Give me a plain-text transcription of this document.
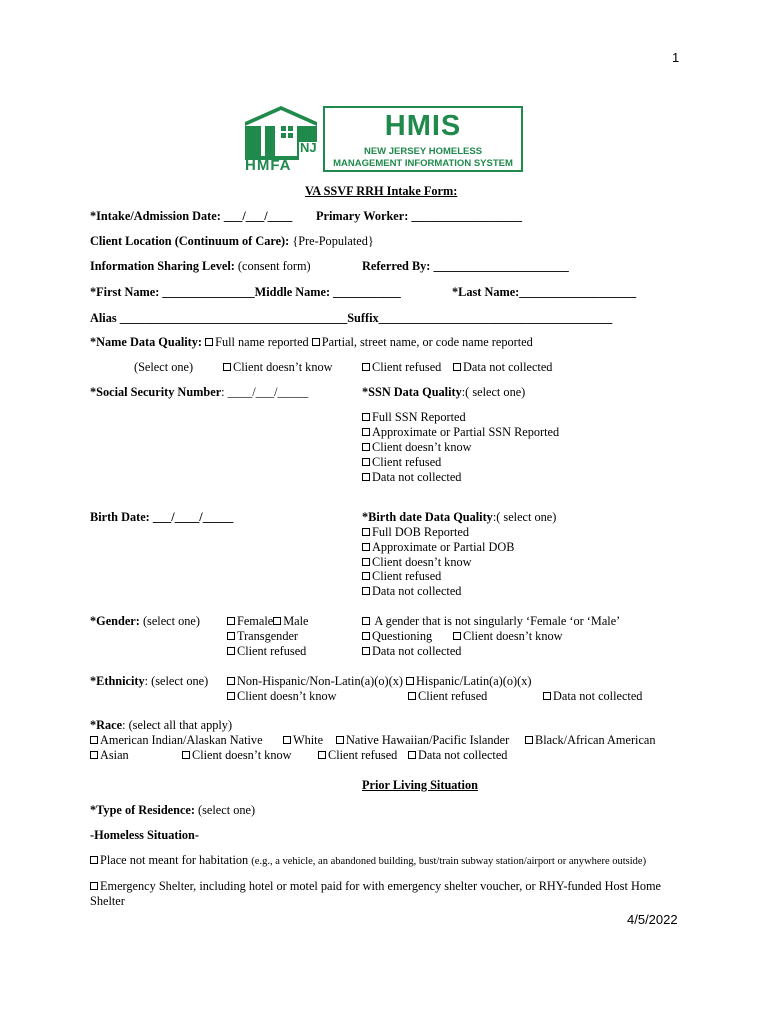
1
NJ
HMFA
HMIS
NEW JERSEY HOMELESS
MANAGEMENT INFORMATION SYSTEM
VA SSVF RRH Intake Form:
*Intake/Admission Date: ___/___/____ Primary Worker: __________________
Client Location (Continuum of Care): {Pre-Populated}
Information Sharing Level: (consent form)	Referred By: ______________________
*First Name: _______________Middle Name: ___________	*Last Name:___________________
Alias _____________________________________Suffix______________________________________
*Name Data Quality: Full name reported Partial, street name, or code name reported
(Select one)	Client doesn’t know	Client refused	Data not collected
*Social Security Number: ____/___/_____	*SSN Data Quality:( select one)
Full SSN Reported
Approximate or Partial SSN Reported
Client doesn’t know
Client refused
Data not collected
Birth Date: ___/____/_____	*Birth date Data Quality:( select one)
Full DOB Reported
Approximate or Partial DOB
Client doesn’t know
Client refused
Data not collected
*Gender: (select one)	Female Male
Transgender
Client refused
A gender that is not singularly ‘Female ‘or ‘Male’
Questioning	Client doesn’t know
Data not collected
*Ethnicity: (select one)	Non-Hispanic/Non-Latin(a)(o)(x) Hispanic/Latin(a)(o)(x)
Client doesn’t know	Client refused	Data not collected
*Race: (select all that apply)
American Indian/Alaskan Native	White	Native Hawaiian/Pacific Islander	Black/African American
Asian	Client doesn’t know	Client refused	Data not collected
Prior Living Situation
*Type of Residence: (select one)
-Homeless Situation-
Place not meant for habitation (e.g., a vehicle, an abandoned building, bust/train subway station/airport or anywhere outside)
Emergency Shelter, including hotel or motel paid for with emergency shelter voucher, or RHY-funded Host Home
Shelter
4/5/2022
